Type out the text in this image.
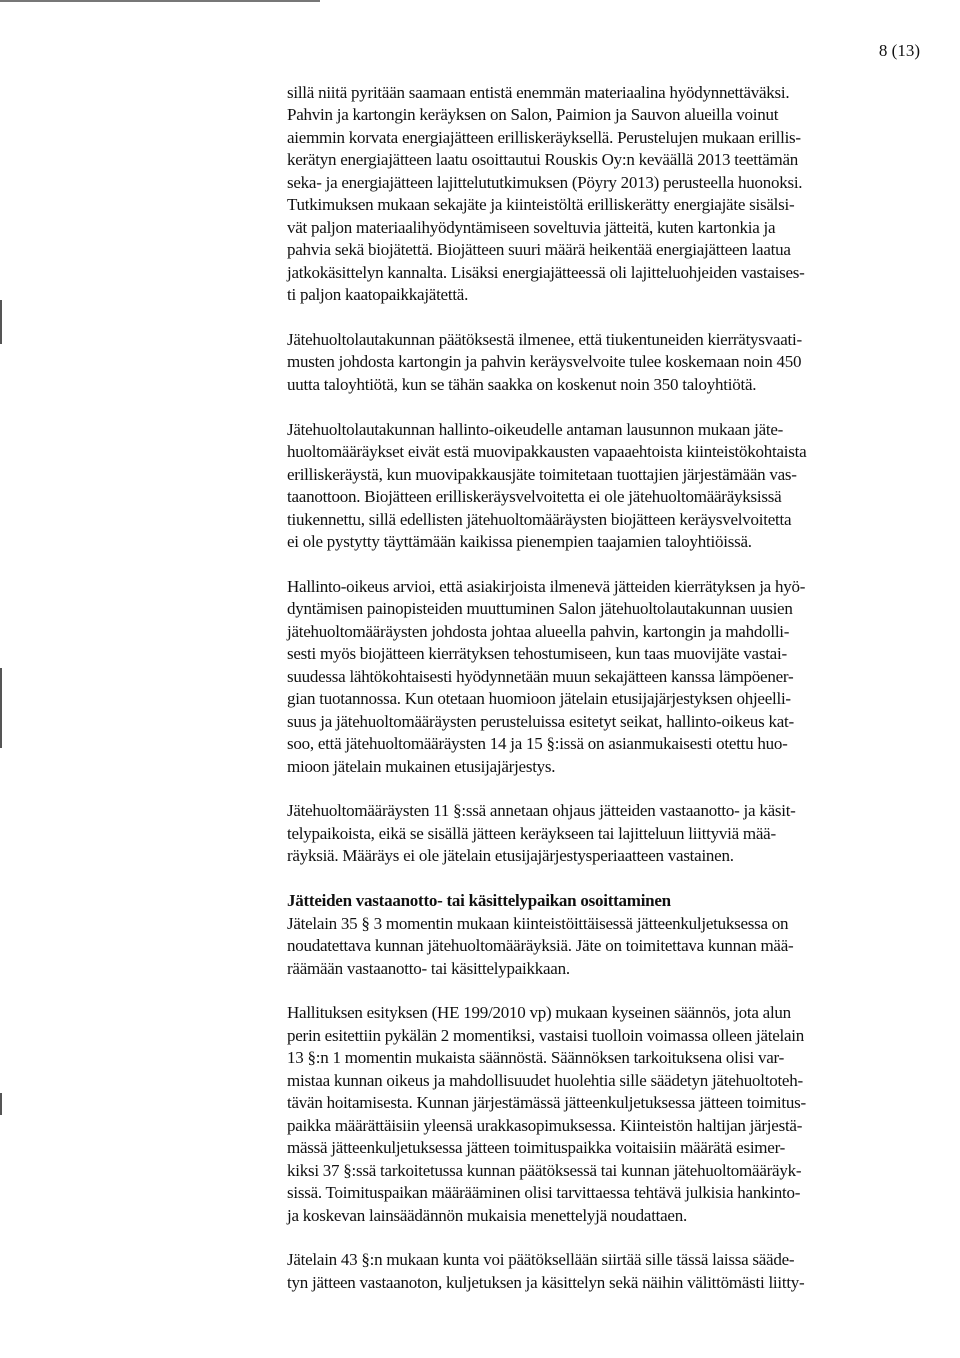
8 (13)

sillä niitä pyritään saamaan entistä enemmän materiaalina hyödynnettäväksi.
Pahvin ja kartongin keräyksen on Salon, Paimion ja Sauvon alueilla voinut
aiemmin korvata energiajätteen erilliskeräyksellä. Perustelujen mukaan erillis-
kerätyn energiajätteen laatu osoittautui Rouskis Oy:n keväällä 2013 teettämän
seka- ja energiajätteen lajittelututkimuksen (Pöyry 2013) perusteella huonoksi.
Tutkimuksen mukaan sekajäte ja kiinteistöltä erilliskerätty energiajäte sisälsi-
vät paljon materiaalihyödyntämiseen soveltuvia jätteitä, kuten kartonkia ja
pahvia sekä biojätettä. Biojätteen suuri määrä heikentää energiajätteen laatua
jatkokäsittelyn kannalta. Lisäksi energiajätteessä oli lajitteluohjeiden vastaises-
ti paljon kaatopaikkajätettä.

Jätehuoltolautakunnan päätöksestä ilmenee, että tiukentuneiden kierrätysvaati-
musten johdosta kartongin ja pahvin keräysvelvoite tulee koskemaan noin 450
uutta taloyhtiötä, kun se tähän saakka on koskenut noin 350 taloyhtiötä.

Jätehuoltolautakunnan hallinto-oikeudelle antaman lausunnon mukaan jäte-
huoltomääräykset eivät estä muovipakkausten vapaaehtoista kiinteistökohtaista
erilliskeräystä, kun muovipakkausjäte toimitetaan tuottajien järjestämään vas-
taanottoon. Biojätteen erilliskeräysvelvoitetta ei ole jätehuoltomääräyksissä
tiukennettu, sillä edellisten jätehuoltomääräysten biojätteen keräysvelvoitetta
ei ole pystytty täyttämään kaikissa pienempien taajamien taloyhtiöissä.

Hallinto-oikeus arvioi, että asiakirjoista ilmenevä jätteiden kierrätyksen ja hyö-
dyntämisen painopisteiden muuttuminen Salon jätehuoltolautakunnan uusien
jätehuoltomääräysten johdosta johtaa alueella pahvin, kartongin ja mahdolli-
sesti myös biojätteen kierrätyksen tehostumiseen, kun taas muovijäte vastai-
suudessa lähtökohtaisesti hyödynnetään muun sekajätteen kanssa lämpöener-
gian tuotannossa. Kun otetaan huomioon jätelain etusijajärjestyksen ohjeelli-
suus ja jätehuoltomääräysten perusteluissa esitetyt seikat, hallinto-oikeus kat-
soo, että jätehuoltomääräysten 14 ja 15 §:issä on asianmukaisesti otettu huo-
mioon jätelain mukainen etusijajärjestys.

Jätehuoltomääräysten 11 §:ssä annetaan ohjaus jätteiden vastaanotto- ja käsit-
telypaikoista, eikä se sisällä jätteen keräykseen tai lajitteluun liittyviä mää-
räyksiä. Määräys ei ole jätelain etusijajärjestysperiaatteen vastainen.

Jätteiden vastaanotto- tai käsittelypaikan osoittaminen
Jätelain 35 § 3 momentin mukaan kiinteistöittäisessä jätteenkuljetuksessa on
noudatettava kunnan jätehuoltomääräyksiä. Jäte on toimitettava kunnan mää-
räämään vastaanotto- tai käsittelypaikkaan.

Hallituksen esityksen (HE 199/2010 vp) mukaan kyseinen säännös, jota alun
perin esitettiin pykälän 2 momentiksi, vastaisi tuolloin voimassa olleen jätelain
13 §:n 1 momentin mukaista säännöstä. Säännöksen tarkoituksena olisi var-
mistaa kunnan oikeus ja mahdollisuudet huolehtia sille säädetyn jätehuoltoteh-
tävän hoitamisesta. Kunnan järjestämässä jätteenkuljetuksessa jätteen toimitus-
paikka määrättäisiin yleensä urakkasopimuksessa. Kiinteistön haltijan järjestä-
mässä jätteenkuljetuksessa jätteen toimituspaikka voitaisiin määrätä esimer-
kiksi 37 §:ssä tarkoitetussa kunnan päätöksessä tai kunnan jätehuoltomääräyk-
sissä. Toimituspaikan määrääminen olisi tarvittaessa tehtävä julkisia hankinto-
ja koskevan lainsäädännön mukaisia menettelyjä noudattaen.

Jätelain 43 §:n mukaan kunta voi päätöksellään siirtää sille tässä laissa sääde-
tyn jätteen vastaanoton, kuljetuksen ja käsittelyn sekä näihin välittömästi liitty-
